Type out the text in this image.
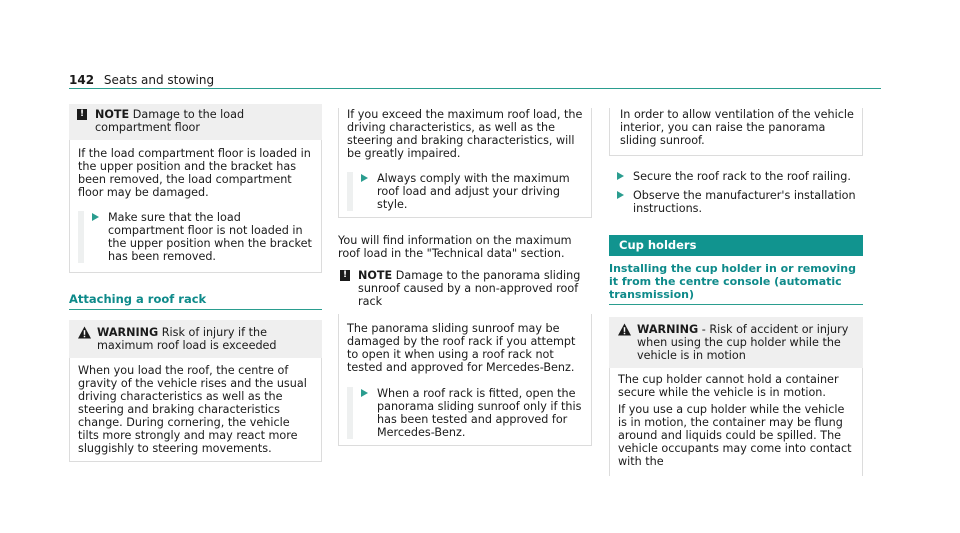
142 Seats and stowing
! NOTE Damage to the load compartment floor

If the load compartment floor is loaded in the upper position and the bracket has been removed, the load compartment floor may be damaged.

Make sure that the load compartment floor is not loaded in the upper position when the bracket has been removed.

Attaching a roof rack

WARNING Risk of injury if the maximum roof load is exceeded

When you load the roof, the centre of gravity of the vehicle rises and the usual driving characteristics as well as the steering and braking characteristics change. During cornering, the vehicle tilts more strongly and may react more sluggishly to steering movements.

If you exceed the maximum roof load, the driving characteristics, as well as the steering and braking characteristics, will be greatly impaired.

Always comply with the maximum roof load and adjust your driving style.

You will find information on the maximum roof load in the "Technical data" section.

! NOTE Damage to the panorama sliding sunroof caused by a non-approved roof rack

The panorama sliding sunroof may be damaged by the roof rack if you attempt to open it when using a roof rack not tested and approved for Mercedes-Benz.

When a roof rack is fitted, open the panorama sliding sunroof only if this has been tested and approved for Mercedes-Benz.

In order to allow ventilation of the vehicle interior, you can raise the panorama sliding sunroof.

Secure the roof rack to the roof railing.

Observe the manufacturer's installation instructions.

Cup holders
Installing the cup holder in or removing it from the centre console (automatic transmission)

WARNING - Risk of accident or injury when using the cup holder while the vehicle is in motion

The cup holder cannot hold a container secure while the vehicle is in motion.

If you use a cup holder while the vehicle is in motion, the container may be flung around and liquids could be spilled. The vehicle occupants may come into contact with the
